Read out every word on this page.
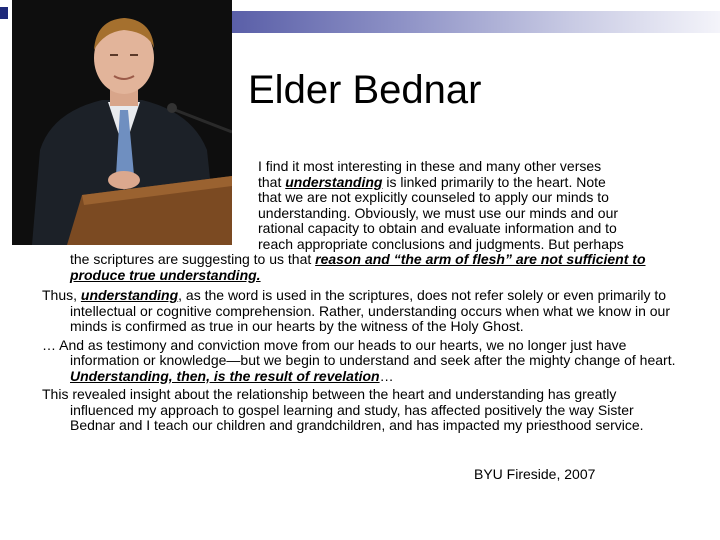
Elder Bednar
I find it most interesting in these and many other verses
that understanding is linked primarily to the heart. Note
that we are not explicitly counseled to apply our minds to
understanding. Obviously, we must use our minds and our
rational capacity to obtain and evaluate information and to
reach appropriate conclusions and judgments. But perhaps
the scriptures are suggesting to us that reason and “the arm of flesh” are not sufficient to produce true understanding.

Thus, understanding, as the word is used in the scriptures, does not refer solely or even primarily to intellectual or cognitive comprehension. Rather, understanding occurs when what we know in our minds is confirmed as true in our hearts by the witness of the Holy Ghost.

… And as testimony and conviction move from our heads to our hearts, we no longer just have information or knowledge—but we begin to understand and seek after the mighty change of heart. Understanding, then, is the result of revelation…

This revealed insight about the relationship between the heart and understanding has greatly influenced my approach to gospel learning and study, has affected positively the way Sister Bednar and I teach our children and grandchildren, and has impacted my priesthood service.

BYU Fireside, 2007
